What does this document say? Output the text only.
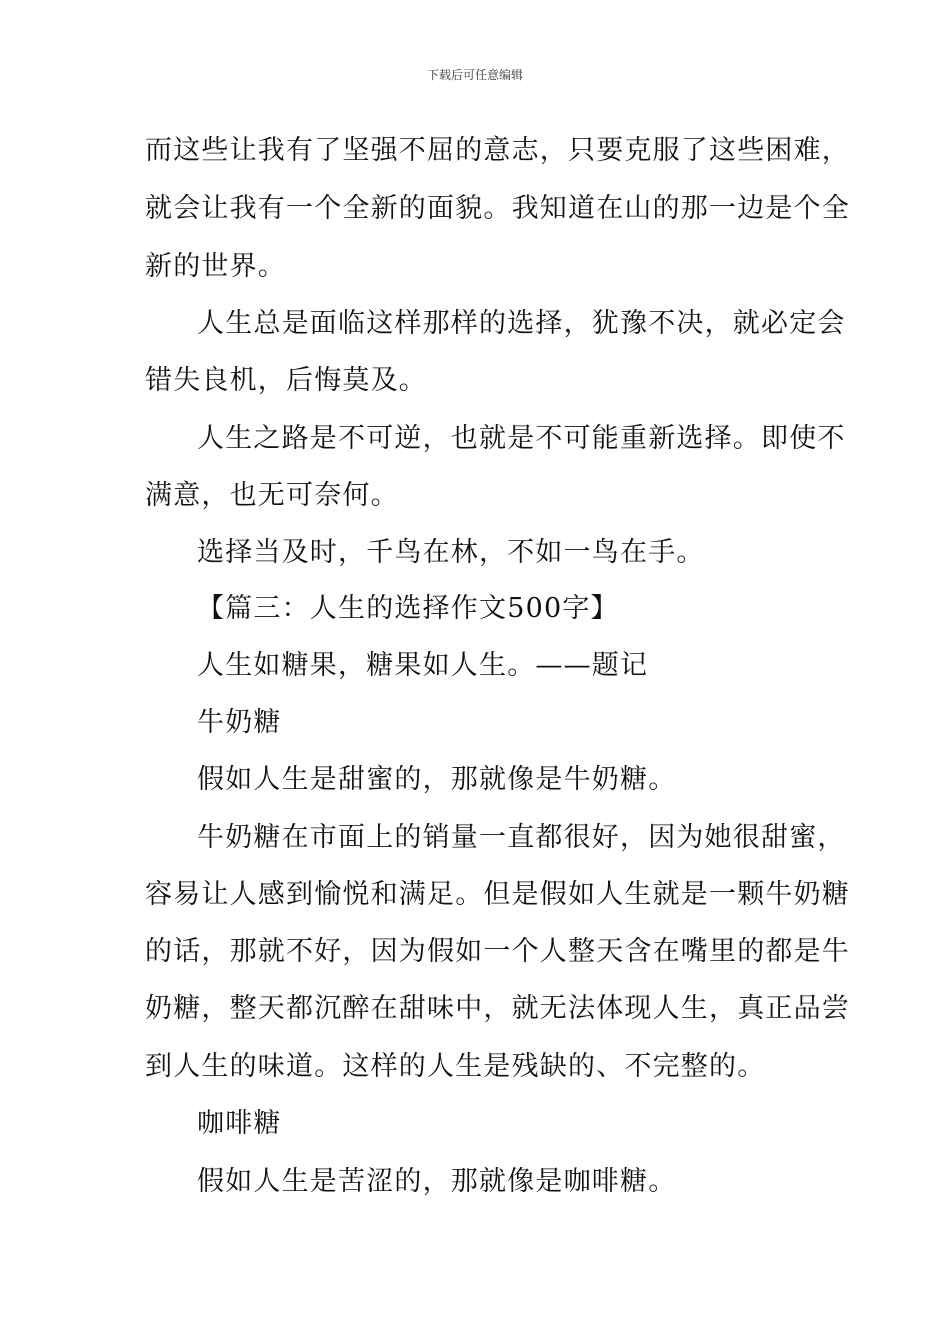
下载后可任意编辑
而这些让我有了坚强不屈的意志，只要克服了这些困难，
就会让我有一个全新的面貌。我知道在山的那一边是个全
新的世界。
人生总是面临这样那样的选择，犹豫不决，就必定会
错失良机，后悔莫及。
人生之路是不可逆，也就是不可能重新选择。即使不
满意，也无可奈何。
选择当及时，千鸟在林，不如一鸟在手。
【篇三：人生的选择作文500字】
人生如糖果，糖果如人生。——题记
牛奶糖
假如人生是甜蜜的，那就像是牛奶糖。
牛奶糖在市面上的销量一直都很好，因为她很甜蜜，
容易让人感到愉悦和满足。但是假如人生就是一颗牛奶糖
的话，那就不好，因为假如一个人整天含在嘴里的都是牛
奶糖，整天都沉醉在甜味中，就无法体现人生，真正品尝
到人生的味道。这样的人生是残缺的、不完整的。
咖啡糖
假如人生是苦涩的，那就像是咖啡糖。
